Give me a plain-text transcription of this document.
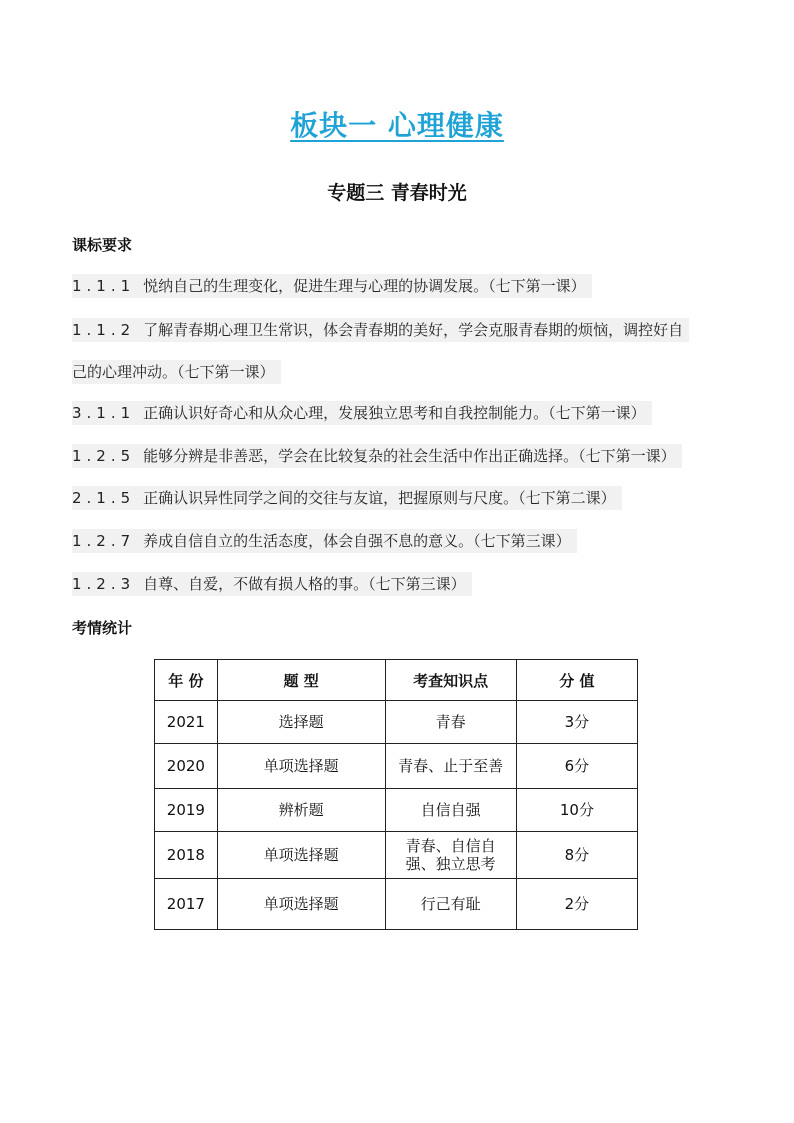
板块一 心理健康
专题三 青春时光
课标要求
1.1.1 悦纳自己的生理变化，促进生理与心理的协调发展。（七下第一课）
1.1.2 了解青春期心理卫生常识，体会青春期的美好，学会克服青春期的烦恼，调控好自
己的心理冲动。（七下第一课）
3.1.1 正确认识好奇心和从众心理，发展独立思考和自我控制能力。（七下第一课）
1.2.5 能够分辨是非善恶，学会在比较复杂的社会生活中作出正确选择。（七下第一课）
2.1.5 正确认识异性同学之间的交往与友谊，把握原则与尺度。（七下第二课）
1.2.7 养成自信自立的生活态度，体会自强不息的意义。（七下第三课）
1.2.3 自尊、自爱，不做有损人格的事。（七下第三课）
考情统计
年 份	题 型	考查知识点	分 值
2021	选择题	青春	3分
2020	单项选择题	青春、止于至善	6分
2019	辨析题	自信自强	10分
2018	单项选择题	青春、自信自强、独立思考	8分
2017	单项选择题	行己有耻	2分
